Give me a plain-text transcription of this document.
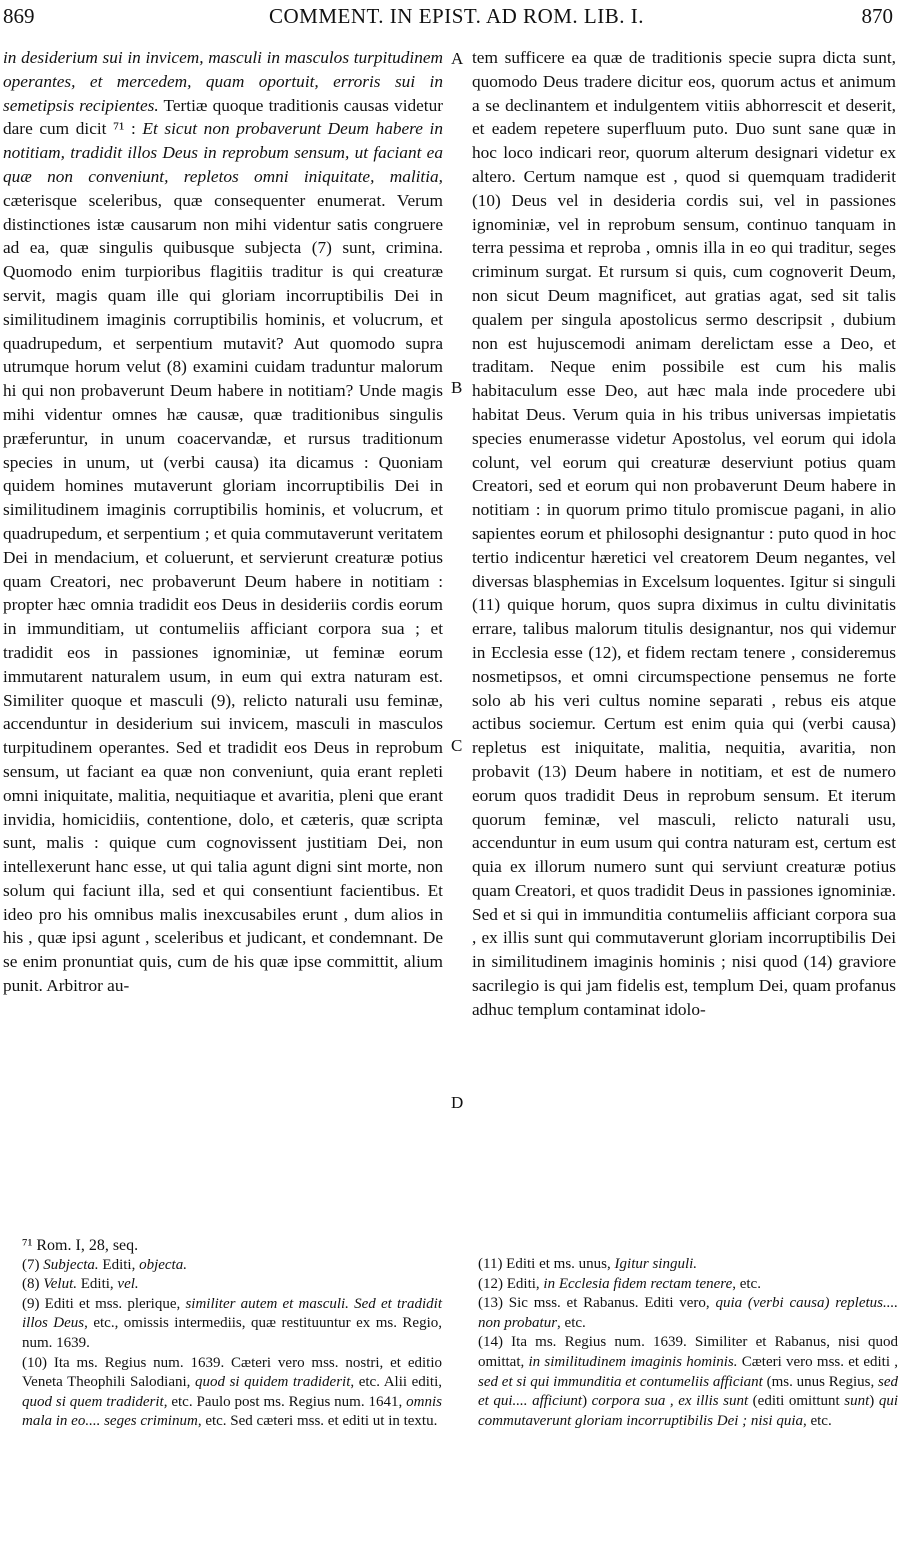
869	COMMENT. IN EPIST. AD ROM. LIB. I.	870

in desiderium sui in invicem, masculi in masculos turpitudinem operantes, et mercedem, quam oportuit, erroris sui in semetipsis recipientes. Tertiæ quoque traditionis causas videtur dare cum dicit ⁷¹ : Et sicut non probaverunt Deum habere in notitiam, tradidit illos Deus in reprobum sensum, ut faciant ea quæ non conveniunt, repletos omni iniquitate, malitia, cæterisque sceleribus, quæ consequenter enumerat. Verum distinctiones istæ causarum non mihi videntur satis congruere ad ea, quæ singulis quibusque subjecta (7) sunt, crimina. Quomodo enim turpioribus flagitiis traditur is qui creaturæ servit, magis quam ille qui gloriam incorruptibilis Dei in similitudinem imaginis corruptibilis hominis, et volucrum, et quadrupedum, et serpentium mutavit? Aut quomodo supra utrumque horum velut (8) examini cuidam traduntur malorum hi qui non probaverunt Deum habere in notitiam? Unde magis mihi videntur omnes hæ causæ, quæ traditionibus singulis præferuntur, in unum coacervandæ, et rursus traditionum species in unum, ut (verbi causa) ita dicamus : Quoniam quidem homines mutaverunt gloriam incorruptibilis Dei in similitudinem imaginis corruptibilis hominis, et volucrum, et quadrupedum, et serpentium ; et quia commutaverunt veritatem Dei in mendacium, et coluerunt, et servierunt creaturæ potius quam Creatori, nec probaverunt Deum habere in notitiam : propter hæc omnia tradidit eos Deus in desideriis cordis eorum in immunditiam, ut contumeliis afficiant corpora sua ; et tradidit eos in passiones ignominiæ, ut feminæ eorum immutarent naturalem usum, in eum qui extra naturam est. Similiter quoque et masculi (9), relicto naturali usu feminæ, accenduntur in desiderium sui invicem, masculi in masculos turpitudinem operantes. Sed et tradidit eos Deus in reprobum sensum, ut faciant ea quæ non conveniunt, quia erant repleti omni iniquitate, malitia, nequitiaque et avaritia, pleni que erant invidia, homicidiis, contentione, dolo, et cæteris, quæ scripta sunt, malis : quique cum cognovissent justitiam Dei, non intellexerunt hanc esse, ut qui talia agunt digni sint morte, non solum qui faciunt illa, sed et qui consentiunt facientibus. Et ideo pro his omnibus malis inexcusabiles erunt , dum alios in his , quæ ipsi agunt , sceleribus et judicant, et condemnant. De se enim pronuntiat quis, cum de his quæ ipse committit, alium punit. Arbitror au-

A
B
C
D

tem sufficere ea quæ de traditionis specie supra dicta sunt, quomodo Deus tradere dicitur eos, quorum actus et animum a se declinantem et indulgentem vitiis abhorrescit et deserit, et eadem repetere superfluum puto. Duo sunt sane quæ in hoc loco indicari reor, quorum alterum designari videtur ex altero. Certum namque est , quod si quemquam tradiderit (10) Deus vel in desideria cordis sui, vel in passiones ignominiæ, vel in reprobum sensum, continuo tanquam in terra pessima et reproba , omnis illa in eo qui traditur, seges criminum surgat. Et rursum si quis, cum cognoverit Deum, non sicut Deum magnificet, aut gratias agat, sed sit talis qualem per singula apostolicus sermo descripsit , dubium non est hujuscemodi animam derelictam esse a Deo, et traditam. Neque enim possibile est cum his malis habitaculum esse Deo, aut hæc mala inde procedere ubi habitat Deus. Verum quia in his tribus universas impietatis species enumerasse videtur Apostolus, vel eorum qui idola colunt, vel eorum qui creaturæ deserviunt potius quam Creatori, sed et eorum qui non probaverunt Deum habere in notitiam : in quorum primo titulo promiscue pagani, in alio sapientes eorum et philosophi designantur : puto quod in hoc tertio indicentur hæretici vel creatorem Deum negantes, vel diversas blasphemias in Excelsum loquentes. Igitur si singuli (11) quique horum, quos supra diximus in cultu divinitatis errare, talibus malorum titulis designantur, nos qui videmur in Ecclesia esse (12), et fidem rectam tenere , consideremus nosmetipsos, et omni circumspectione pensemus ne forte solo ab his veri cultus nomine separati , rebus eis atque actibus sociemur. Certum est enim quia qui (verbi causa) repletus est iniquitate, malitia, nequitia, avaritia, non probavit (13) Deum habere in notitiam, et est de numero eorum quos tradidit Deus in reprobum sensum. Et iterum quorum feminæ, vel masculi, relicto naturali usu, accenduntur in eum usum qui contra naturam est, certum est quia ex illorum numero sunt qui serviunt creaturæ potius quam Creatori, et quos tradidit Deus in passiones ignominiæ. Sed et si qui in immunditia contumeliis afficiant corpora sua , ex illis sunt qui commutaverunt gloriam incorruptibilis Dei in similitudinem imaginis hominis ; nisi quod (14) graviore sacrilegio is qui jam fidelis est, templum Dei, quam profanus adhuc templum contaminat idolo-

⁷¹ Rom. I, 28, seq.

(7) Subjecta. Editi, objecta.

(8) Velut. Editi, vel.

(9) Editi et mss. plerique, similiter autem et masculi. Sed et tradidit illos Deus, etc., omissis intermediis, quæ restituuntur ex ms. Regio, num. 1639.

(10) Ita ms. Regius num. 1639. Cæteri vero mss. nostri, et editio Veneta Theophili Salodiani, quod si quidem tradiderit, etc. Alii editi, quod si quem tradiderit, etc. Paulo post ms. Regius num. 1641, omnis mala in eo.... seges criminum, etc. Sed cæteri mss. et editi ut in textu.

(11) Editi et ms. unus, Igitur singuli.

(12) Editi, in Ecclesia fidem rectam tenere, etc.

(13) Sic mss. et Rabanus. Editi vero, quia (verbi causa) repletus.... non probatur, etc.

(14) Ita ms. Regius num. 1639. Similiter et Rabanus, nisi quod omittat, in similitudinem imaginis hominis. Cæteri vero mss. et editi , sed et si qui immunditia et contumeliis afficiant (ms. unus Regius, sed et qui.... afficiunt) corpora sua , ex illis sunt (editi omittunt sunt) qui commutaverunt gloriam incorruptibilis Dei ; nisi quia, etc.
